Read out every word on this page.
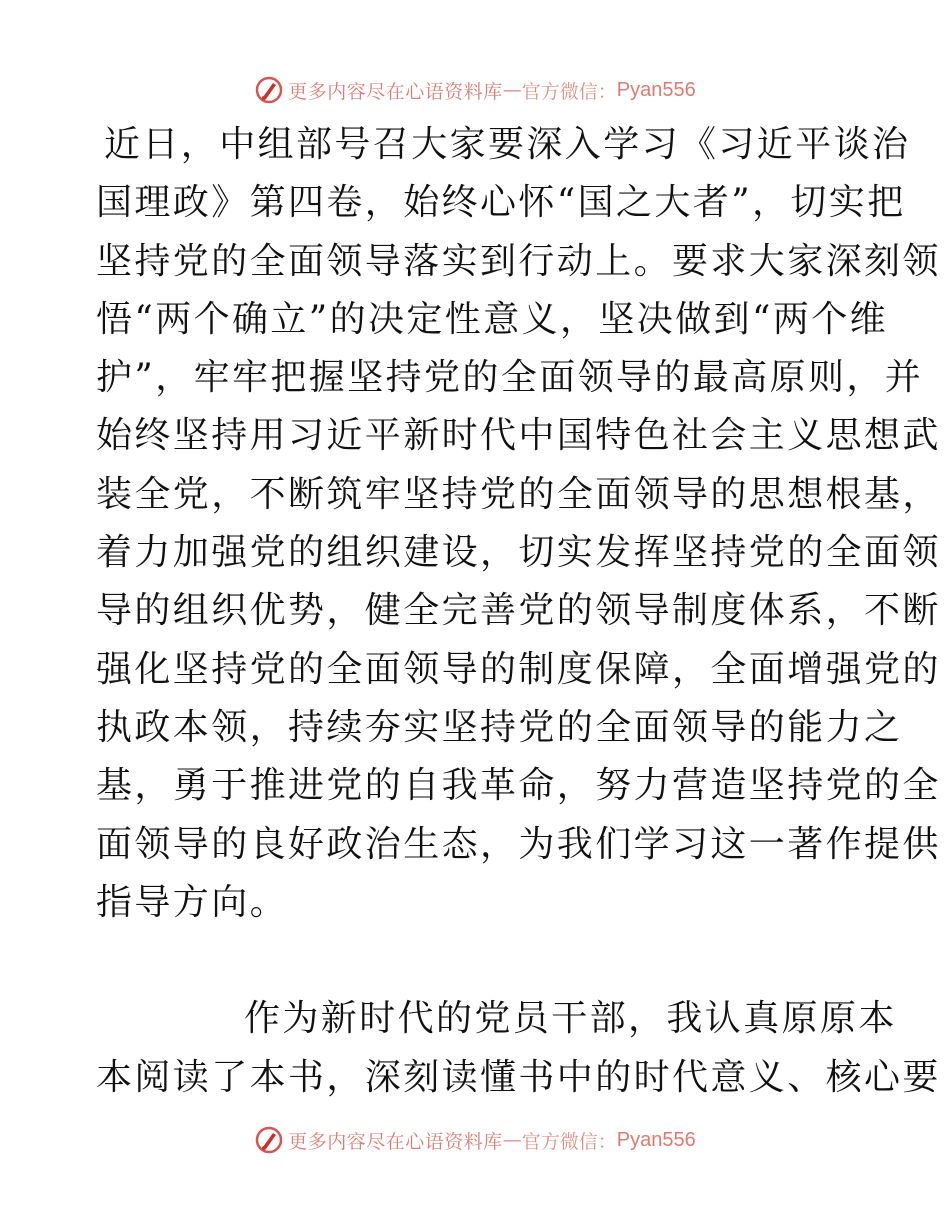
更多内容尽在心语资料库 — 官方微信： Pyan556
近日，中组部号召大家要深入学习《习近平谈治
国理政》第四卷，始终心怀“国之大者”，切实把
坚持党的全面领导落实到行动上。要求大家深刻领
悟“两个确立”的决定性意义，坚决做到“两个维
护”，牢牢把握坚持党的全面领导的最高原则，并
始终坚持用习近平新时代中国特色社会主义思想武
装全党，不断筑牢坚持党的全面领导的思想根基，
着力加强党的组织建设，切实发挥坚持党的全面领
导的组织优势，健全完善党的领导制度体系，不断
强化坚持党的全面领导的制度保障，全面增强党的
执政本领，持续夯实坚持党的全面领导的能力之
基，勇于推进党的自我革命，努力营造坚持党的全
面领导的良好政治生态，为我们学习这一著作提供
指导方向。
作为新时代的党员干部，我认真原原本
本阅读了本书，深刻读懂书中的时代意义、核心要
更多内容尽在心语资料库 — 官方微信： Pyan556
